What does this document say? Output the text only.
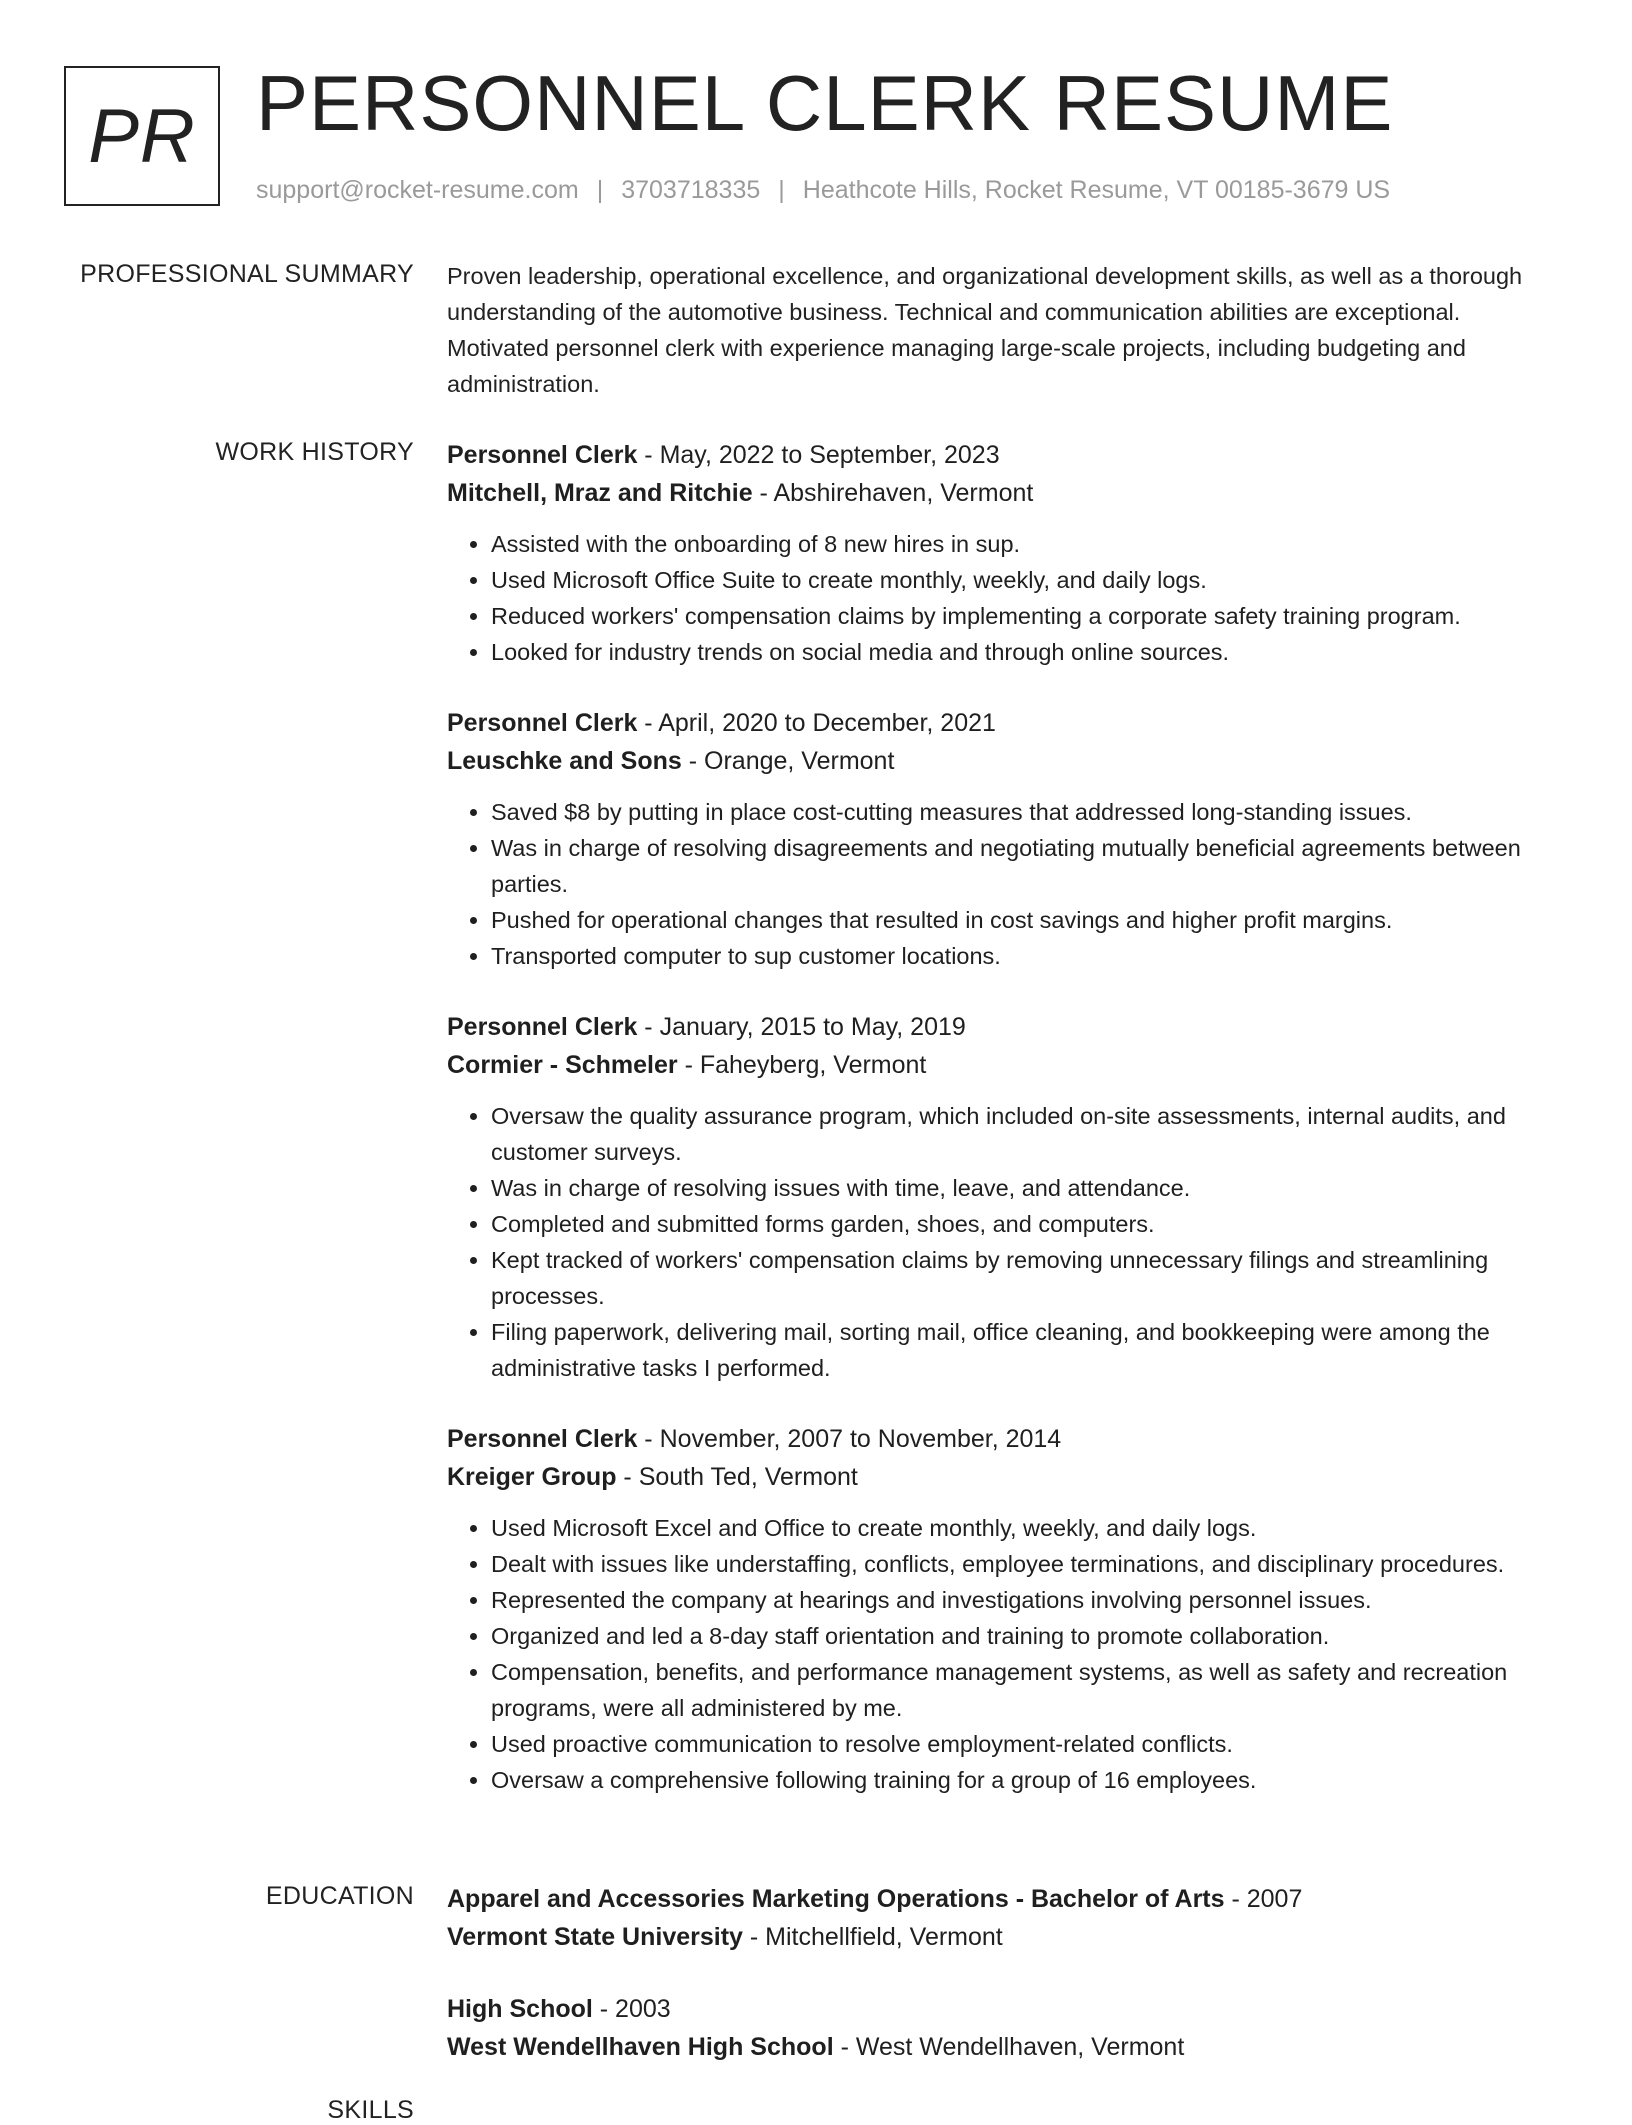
PR PERSONNEL CLERK RESUME
support@rocket-resume.com | 3703718335 | Heathcote Hills, Rocket Resume, VT 00185-3679 US
PROFESSIONAL SUMMARY Proven leadership, operational excellence, and organizational development skills, as well as a thorough understanding of the automotive business. Technical and communication abilities are exceptional. Motivated personnel clerk with experience managing large-scale projects, including budgeting and administration.
WORK HISTORY Personnel Clerk - May, 2022 to September, 2023
Mitchell, Mraz and Ritchie - Abshirehaven, Vermont
• Assisted with the onboarding of 8 new hires in sup.
• Used Microsoft Office Suite to create monthly, weekly, and daily logs.
• Reduced workers' compensation claims by implementing a corporate safety training program.
• Looked for industry trends on social media and through online sources.
Personnel Clerk - April, 2020 to December, 2021
Leuschke and Sons - Orange, Vermont
• Saved $8 by putting in place cost-cutting measures that addressed long-standing issues.
• Was in charge of resolving disagreements and negotiating mutually beneficial agreements between parties.
• Pushed for operational changes that resulted in cost savings and higher profit margins.
• Transported computer to sup customer locations.
Personnel Clerk - January, 2015 to May, 2019
Cormier - Schmeler - Faheyberg, Vermont
• Oversaw the quality assurance program, which included on-site assessments, internal audits, and customer surveys.
• Was in charge of resolving issues with time, leave, and attendance.
• Completed and submitted forms garden, shoes, and computers.
• Kept tracked of workers' compensation claims by removing unnecessary filings and streamlining processes.
• Filing paperwork, delivering mail, sorting mail, office cleaning, and bookkeeping were among the administrative tasks I performed.
Personnel Clerk - November, 2007 to November, 2014
Kreiger Group - South Ted, Vermont
• Used Microsoft Excel and Office to create monthly, weekly, and daily logs.
• Dealt with issues like understaffing, conflicts, employee terminations, and disciplinary procedures.
• Represented the company at hearings and investigations involving personnel issues.
• Organized and led a 8-day staff orientation and training to promote collaboration.
• Compensation, benefits, and performance management systems, as well as safety and recreation programs, were all administered by me.
• Used proactive communication to resolve employment-related conflicts.
• Oversaw a comprehensive following training for a group of 16 employees.
EDUCATION Apparel and Accessories Marketing Operations - Bachelor of Arts - 2007
Vermont State University - Mitchellfield, Vermont
High School - 2003
West Wendellhaven High School - West Wendellhaven, Vermont
SKILLS
